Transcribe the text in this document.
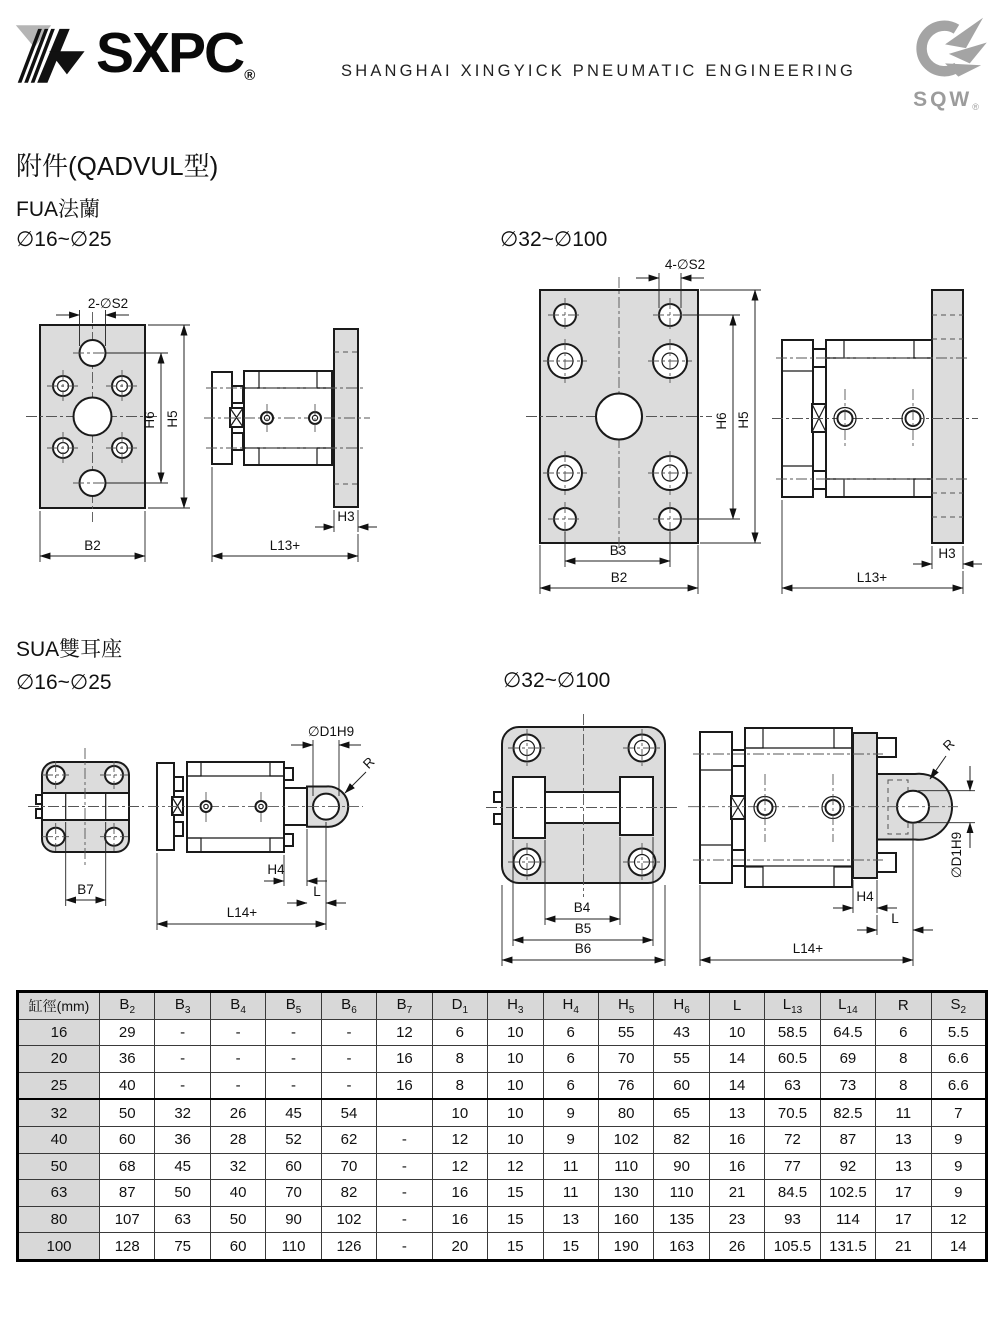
SXPC ®	SHANGHAI XINGYICK PNEUMATIC ENGINEERING
$SQW_®$
附件(QADVUL型)
FUA法蘭
∅16~∅25	∅32~∅100
SUA雙耳座
∅16~∅25	∅32~∅100
2-∅S2
H6 H5
B2
H3
L13+
4-∅S2
H6 H5
B3
B2
H3
L13+
B7
∅D1H9
R
H4
L
L14+	B4
B5
B6
R
∅D1H9
H4
L
L14+
缸徑(mm)	$B_2$	$B_3$	$B_4$	$B_5$	$B_6$	$B_7$	$D_1$	$H_3$	$H_4$	$H_5$	$H_6$	L	$L_{13}$	$L_{14}$	R	$S_2$
16	29	-	-	-	-	12	6	10	6	55	43	10	58.5	64.5	6	5.5
20	36	-	-	-	-	16	8	10	6	70	55	14	60.5	69	8	6.6
25	40	-	-	-	-	16	8	10	6	76	60	14	63	73	8	6.6
32	50	32	26	45	54		10	10	9	80	65	13	70.5	82.5	11	7
40	60	36	28	52	62	-	12	10	9	102	82	16	72	87	13	9
50	68	45	32	60	70	-	12	12	11	110	90	16	77	92	13	9
63	87	50	40	70	82	-	16	15	11	130	110	21	84.5	102.5	17	9
80	107	63	50	90	102	-	16	15	13	160	135	23	93	114	17	12
100	128	75	60	110	126	-	20	15	15	190	163	26	105.5	131.5	21	14
